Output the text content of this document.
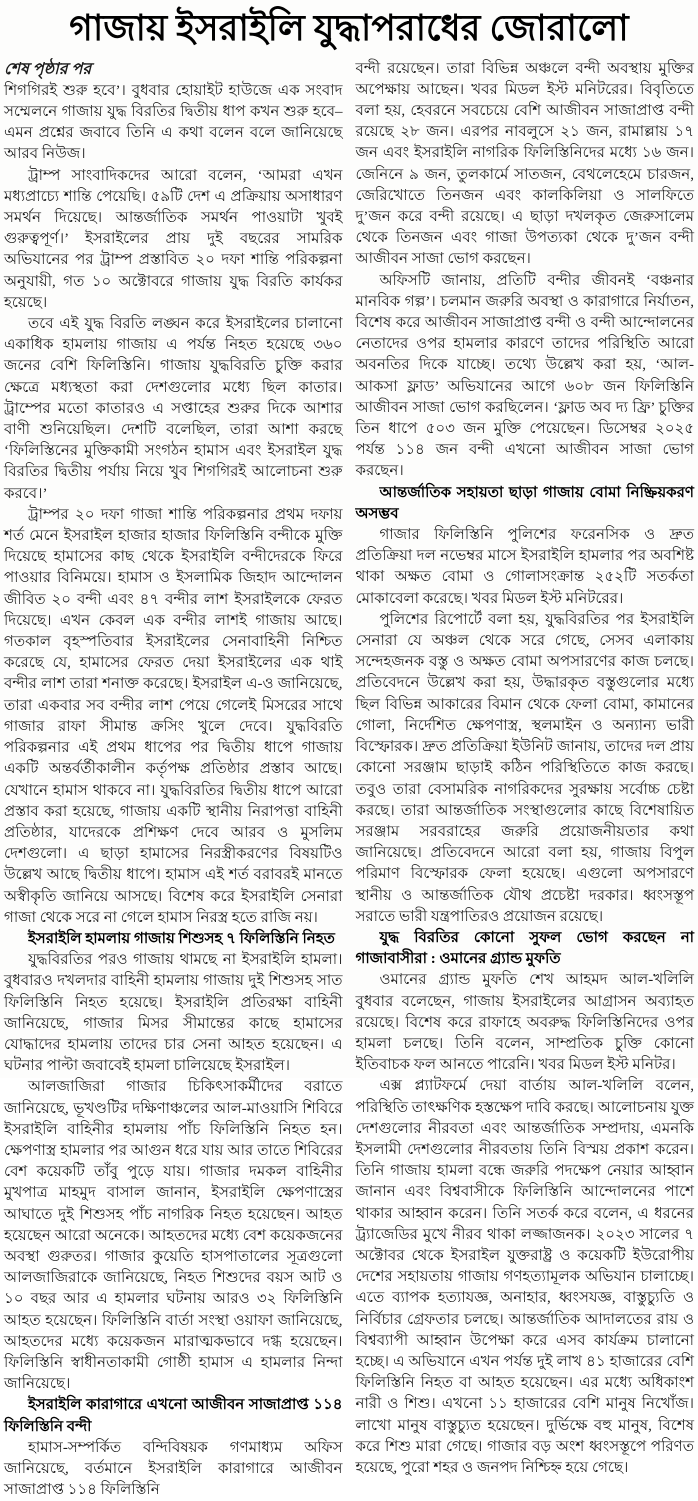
গাজায় ইসরাইলি যুদ্ধাপরাধের জোরালো

শেষ পৃষ্ঠার পর

শিগগিরই শুরু হবে’। বুধবার হোয়াইট হাউজে এক সংবাদ সম্মেলনে গাজায় যুদ্ধ বিরতির দ্বিতীয় ধাপ কখন শুরু হবে– এমন প্রশ্নের জবাবে তিনি এ কথা বলেন বলে জানিয়েছে আরব নিউজ।

ট্রাম্প সাংবাদিকদের আরো বলেন, ‘আমরা এখন মধ্যপ্রাচ্যে শান্তি পেয়েছি। ৫৯টি দেশ এ প্রক্রিয়ায় অসাধারণ সমর্থন দিয়েছে। আন্তর্জাতিক সমর্থন পাওয়াটা খুবই গুরুত্বপূর্ণ।’ ইসরাইলের প্রায় দুই বছরের সামরিক অভিযানের পর ট্রাম্প প্রস্তাবিত ২০ দফা শান্তি পরিকল্পনা অনুযায়ী, গত ১০ অক্টোবরে গাজায় যুদ্ধ বিরতি কার্যকর হয়েছে।

তবে এই যুদ্ধ বিরতি লঙ্ঘন করে ইসরাইলের চালানো একাধিক হামলায় গাজায় এ পর্যন্ত নিহত হয়েছে ৩৬০ জনের বেশি ফিলিস্তিনি। গাজায় যুদ্ধবিরতি চুক্তি করার ক্ষেত্রে মধ্যস্থতা করা দেশগুলোর মধ্যে ছিল কাতার। ট্রাম্পের মতো কাতারও এ সপ্তাহের শুরুর দিকে আশার বাণী শুনিয়েছিল। দেশটি বলেছিল, তারা আশা করছে ‘ফিলিস্তিনের মুক্তিকামী সংগঠন হামাস এবং ইসরাইল যুদ্ধ বিরতির দ্বিতীয় পর্যায় নিয়ে খুব শিগগিরই আলোচনা শুরু করবে।’

ট্রাম্পর ২০ দফা গাজা শান্তি পরিকল্পনার প্রথম দফায় শর্ত মেনে ইসরাইল হাজার হাজার ফিলিস্তিনি বন্দীকে মুক্তি দিয়েছে হামাসের কাছ থেকে ইসরাইলি বন্দীদেরকে ফিরে পাওয়ার বিনিময়ে। হামাস ও ইসলামিক জিহাদ আন্দোলন জীবিত ২০ বন্দী এবং ৪৭ বন্দীর লাশ ইসরাইলকে ফেরত দিয়েছে। এখন কেবল এক বন্দীর লাশই গাজায় আছে। গতকাল বৃহস্পতিবার ইসরাইলের সেনাবাহিনী নিশ্চিত করেছে যে, হামাসের ফেরত দেয়া ইসরাইলের এক থাই বন্দীর লাশ তারা শনাক্ত করেছে। ইসরাইল এ-ও জানিয়েছে, তারা একবার সব বন্দীর লাশ পেয়ে গেলেই মিসরের সাথে গাজার রাফা সীমান্ত ক্রসিং খুলে দেবে। যুদ্ধবিরতি পরিকল্পনার এই প্রথম ধাপের পর দ্বিতীয় ধাপে গাজায় একটি অন্তর্বর্তীকালীন কর্তৃপক্ষ প্রতিষ্ঠার প্রস্তাব আছে। যেখানে হামাস থাকবে না। যুদ্ধবিরতির দ্বিতীয় ধাপে আরো প্রস্তাব করা হয়েছে, গাজায় একটি স্থানীয় নিরাপত্তা বাহিনী প্রতিষ্ঠার, যাদেরকে প্রশিক্ষণ দেবে আরব ও মুসলিম দেশগুলো। এ ছাড়া হামাসের নিরস্ত্রীকরণের বিষয়টিও উল্লেখ আছে দ্বিতীয় ধাপে। হামাস এই শর্ত বরাবরই মানতে অস্বীকৃতি জানিয়ে আসছে। বিশেষ করে ইসরাইলি সেনারা গাজা থেকে সরে না গেলে হামাস নিরস্ত্র হতে রাজি নয়।

ইসরাইলি হামলায় গাজায় শিশুসহ ৭ ফিলিস্তিনি নিহত

যুদ্ধবিরতির পরও গাজায় থামছে না ইসরাইলি হামলা। বুধবারও দখলদার বাহিনী হামলায় গাজায় দুই শিশুসহ সাত ফিলিস্তিনি নিহত হয়েছে। ইসরাইলি প্রতিরক্ষা বাহিনী জানিয়েছে, গাজার মিসর সীমান্তের কাছে হামাসের যোদ্ধাদের হামলায় তাদের চার সেনা আহত হয়েছেন। এ ঘটনার পাল্টা জবাবেই হামলা চালিয়েছে ইসরাইল।

আলজাজিরা গাজার চিকিৎসাকর্মীদের বরাতে জানিয়েছে, ভূখণ্ডটির দক্ষিণাঞ্চলের আল-মাওয়াসি শিবিরে ইসরাইলি বাহিনীর হামলায় পাঁচ ফিলিস্তিনি নিহত হন। ক্ষেপণাস্ত্র হামলার পর আগুন ধরে যায় আর তাতে শিবিরের বেশ কয়েকটি তাঁবু পুড়ে যায়। গাজার দমকল বাহিনীর মুখপাত্র মাহমুদ বাসাল জানান, ইসরাইলি ক্ষেপণাস্ত্রের আঘাতে দুই শিশুসহ পাঁচ নাগরিক নিহত হয়েছেন। আহত হয়েছেন আরো অনেকে। আহতদের মধ্যে বেশ কয়েকজনের অবস্থা গুরুতর। গাজার কুয়েতি হাসপাতালের সূত্রগুলো আলজাজিরাকে জানিয়েছে, নিহত শিশুদের বয়স আট ও ১০ বছর আর এ হামলার ঘটনায় আরও ৩২ ফিলিস্তিনি আহত হয়েছেন। ফিলিস্তিনি বার্তা সংস্থা ওয়াফা জানিয়েছে, আহতদের মধ্যে কয়েকজন মারাত্মকভাবে দগ্ধ হয়েছেন। ফিলিস্তিনি স্বাধীনতাকামী গোষ্ঠী হামাস এ হামলার নিন্দা জানিয়েছে।

ইসরাইলি কারাগারে এখনো আজীবন সাজাপ্রাপ্ত ১১৪ ফিলিস্তিনি বন্দী

হামাস-সম্পর্কিত বন্দিবিষয়ক গণমাধ্যম অফিস জানিয়েছে, বর্তমানে ইসরাইলি কারাগারে আজীবন সাজাপ্রাপ্ত ১১৪ ফিলিস্তিনি

বন্দী রয়েছেন। তারা বিভিন্ন অঞ্চলে বন্দী অবস্থায় মুক্তির অপেক্ষায় আছেন। খবর মিডল ইস্ট মনিটরের। বিবৃতিতে বলা হয়, হেবরনে সবচেয়ে বেশি আজীবন সাজাপ্রাপ্ত বন্দী রয়েছে ২৮ জন। এরপর নাবলুসে ২১ জন, রামাল্লায় ১৭ জন এবং ইসরাইলি নাগরিক ফিলিস্তিনিদের মধ্যে ১৬ জন। জেনিনে ৯ জন, তুলকার্মে সাতজন, বেথলেহেমে চারজন, জেরিখোতে তিনজন এবং কালকিলিয়া ও সালফিতে দু’জন করে বন্দী রয়েছে। এ ছাড়া দখলকৃত জেরুসালেম থেকে তিনজন এবং গাজা উপত্যকা থেকে দু’জন বন্দী আজীবন সাজা ভোগ করছেন।

অফিসটি জানায়, প্রতিটি বন্দীর জীবনই ‘বঞ্চনার মানবিক গল্প’। চলমান জরুরি অবস্থা ও কারাগারে নির্যাতন, বিশেষ করে আজীবন সাজাপ্রাপ্ত বন্দী ও বন্দী আন্দোলনের নেতাদের ওপর হামলার কারণে তাদের পরিস্থিতি আরো অবনতির দিকে যাচ্ছে। তথ্যে উল্লেখ করা হয়, ‘আল-আকসা ফ্লাড’ অভিযানের আগে ৬০৮ জন ফিলিস্তিনি আজীবন সাজা ভোগ করছিলেন। ‘ফ্লাড অব দ্য ফ্রি’ চুক্তির তিন ধাপে ৫০৩ জন মুক্তি পেয়েছেন। ডিসেম্বর ২০২৫ পর্যন্ত ১১৪ জন বন্দী এখনো আজীবন সাজা ভোগ করছেন।

আন্তর্জাতিক সহায়তা ছাড়া গাজায় বোমা নিষ্ক্রিয়করণ অসম্ভব

গাজার ফিলিস্তিনি পুলিশের ফরেনসিক ও দ্রুত প্রতিক্রিয়া দল নভেম্বর মাসে ইসরাইলি হামলার পর অবশিষ্ট থাকা অক্ষত বোমা ও গোলাসংক্রান্ত ২৫২টি সতর্কতা মোকাবেলা করেছে। খবর মিডল ইস্ট মনিটরের।

পুলিশের রিপোর্টে বলা হয়, যুদ্ধবিরতির পর ইসরাইলি সেনারা যে অঞ্চল থেকে সরে গেছে, সেসব এলাকায় সন্দেহজনক বস্তু ও অক্ষত বোমা অপসারণের কাজ চলছে। প্রতিবেদনে উল্লেখ করা হয়, উদ্ধারকৃত বস্তুগুলোর মধ্যে ছিল বিভিন্ন আকারের বিমান থেকে ফেলা বোমা, কামানের গোলা, নির্দেশিত ক্ষেপণাস্ত্র, স্থলমাইন ও অন্যান্য ভারী বিস্ফোরক। দ্রুত প্রতিক্রিয়া ইউনিট জানায়, তাদের দল প্রায় কোনো সরঞ্জাম ছাড়াই কঠিন পরিস্থিতিতে কাজ করছে। তবুও তারা বেসামরিক নাগরিকদের সুরক্ষায় সর্বোচ্চ চেষ্টা করছে। তারা আন্তর্জাতিক সংস্থাগুলোর কাছে বিশেষায়িত সরঞ্জাম সরবরাহের জরুরি প্রয়োজনীয়তার কথা জানিয়েছে। প্রতিবেদনে আরো বলা হয়, গাজায় বিপুল পরিমাণ বিস্ফোরক ফেলা হয়েছে। এগুলো অপসারণে স্থানীয় ও আন্তর্জাতিক যৌথ প্রচেষ্টা দরকার। ধ্বংসস্তূপ সরাতে ভারী যন্ত্রপাতিরও প্রয়োজন রয়েছে।

যুদ্ধ বিরতির কোনো সুফল ভোগ করছেন না গাজাবাসীরা : ওমানের গ্র্যান্ড মুফতি

ওমানের গ্র্যান্ড মুফতি শেখ আহমদ আল-খলিলি বুধবার বলেছেন, গাজায় ইসরাইলের আগ্রাসন অব্যাহত রয়েছে। বিশেষ করে রাফাহে অবরুদ্ধ ফিলিস্তিনিদের ওপর হামলা চলছে। তিনি বলেন, সাম্প্রতিক চুক্তি কোনো ইতিবাচক ফল আনতে পারেনি। খবর মিডল ইস্ট মনিটর।

এক্স প্ল্যাটফর্মে দেয়া বার্তায় আল-খলিলি বলেন, পরিস্থিতি তাৎক্ষণিক হস্তক্ষেপ দাবি করছে। আলোচনায় যুক্ত দেশগুলোর নীরবতা এবং আন্তর্জাতিক সম্প্রদায়, এমনকি ইসলামী দেশগুলোর নীরবতায় তিনি বিস্ময় প্রকাশ করেন। তিনি গাজায় হামলা বন্ধে জরুরি পদক্ষেপ নেয়ার আহ্বান জানান এবং বিশ্ববাসীকে ফিলিস্তিনি আন্দোলনের পাশে থাকার আহ্বান করেন। তিনি সতর্ক করে বলেন, এ ধরনের ট্র্যাজেডির মুখে নীরব থাকা লজ্জাজনক। ২০২৩ সালের ৭ অক্টোবর থেকে ইসরাইল যুক্তরাষ্ট্র ও কয়েকটি ইউরোপীয় দেশের সহায়তায় গাজায় গণহত্যামূলক অভিযান চালাচ্ছে। এতে ব্যাপক হত্যাযজ্ঞ, অনাহার, ধ্বংসযজ্ঞ, বাস্তুচ্যুতি ও নির্বিচার গ্রেফতার চলছে। আন্তর্জাতিক আদালতের রায় ও বিশ্বব্যাপী আহ্বান উপেক্ষা করে এসব কার্যক্রম চালানো হচ্ছে। এ অভিযানে এখন পর্যন্ত দুই লাখ ৪১ হাজারের বেশি ফিলিস্তিনি নিহত বা আহত হয়েছেন। এর মধ্যে অধিকাংশ নারী ও শিশু। এখনো ১১ হাজারের বেশি মানুষ নিখোঁজ। লাখো মানুষ বাস্তুচ্যুত হয়েছেন। দুর্ভিক্ষে বহু মানুষ, বিশেষ করে শিশু মারা গেছে। গাজার বড় অংশ ধ্বংসস্তূপে পরিণত হয়েছে, পুরো শহর ও জনপদ নিশ্চিহ্ন হয়ে গেছে।
